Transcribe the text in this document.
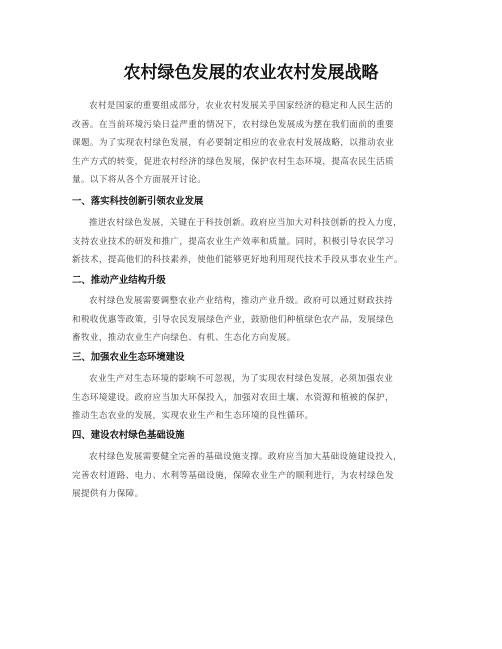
农村绿色发展的农业农村发展战略
农村是国家的重要组成部分，农业农村发展关乎国家经济的稳定和人民生活的
改善。在当前环境污染日益严重的情况下，农村绿色发展成为摆在我们面前的重要
课题。为了实现农村绿色发展，有必要制定相应的农业农村发展战略，以推动农业
生产方式的转变，促进农村经济的绿色发展，保护农村生态环境，提高农民生活质
量。以下将从各个方面展开讨论。
一、落实科技创新引领农业发展
推进农村绿色发展，关键在于科技创新。政府应当加大对科技创新的投入力度，
支持农业技术的研发和推广，提高农业生产效率和质量。同时，积极引导农民学习
新技术，提高他们的科技素养，使他们能够更好地利用现代技术手段从事农业生产。
二、推动产业结构升级
农村绿色发展需要调整农业产业结构，推动产业升级。政府可以通过财政扶持
和税收优惠等政策，引导农民发展绿色产业，鼓励他们种植绿色农产品，发展绿色
畜牧业，推动农业生产向绿色、有机、生态化方向发展。
三、加强农业生态环境建设
农业生产对生态环境的影响不可忽视，为了实现农村绿色发展，必须加强农业
生态环境建设。政府应当加大环保投入，加强对农田土壤、水资源和植被的保护，
推动生态农业的发展，实现农业生产和生态环境的良性循环。
四、建设农村绿色基础设施
农村绿色发展需要健全完善的基础设施支撑。政府应当加大基础设施建设投入，
完善农村道路、电力、水利等基础设施，保障农业生产的顺利进行，为农村绿色发
展提供有力保障。
